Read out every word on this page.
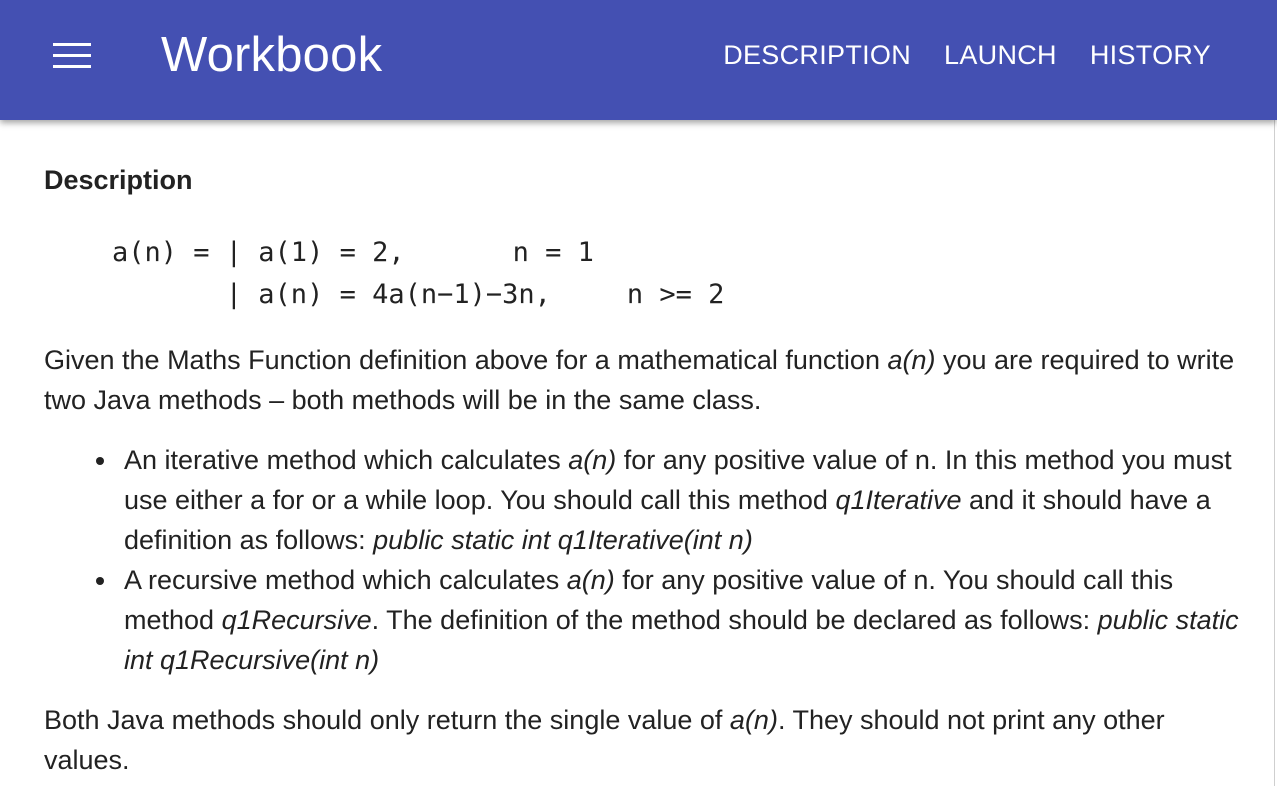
Workbook	DESCRIPTION LAUNCH HISTORY
Description
a(n) = | a(1) = 2,	n = 1
| a(n) = 4a(n−1)−3n,	n >= 2

Given the Maths Function definition above for a mathematical function a(n) you are required to write two Java methods – both methods will be in the same class.

An iterative method which calculates a(n) for any positive value of n. In this method you must use either a for or a while loop. You should call this method q1Iterative and it should have a definition as follows: public static int q1Iterative(int n)
A recursive method which calculates a(n) for any positive value of n. You should call this method q1Recursive. The definition of the method should be declared as follows: public static int q1Recursive(int n)

Both Java methods should only return the single value of a(n). They should not print any other values.
